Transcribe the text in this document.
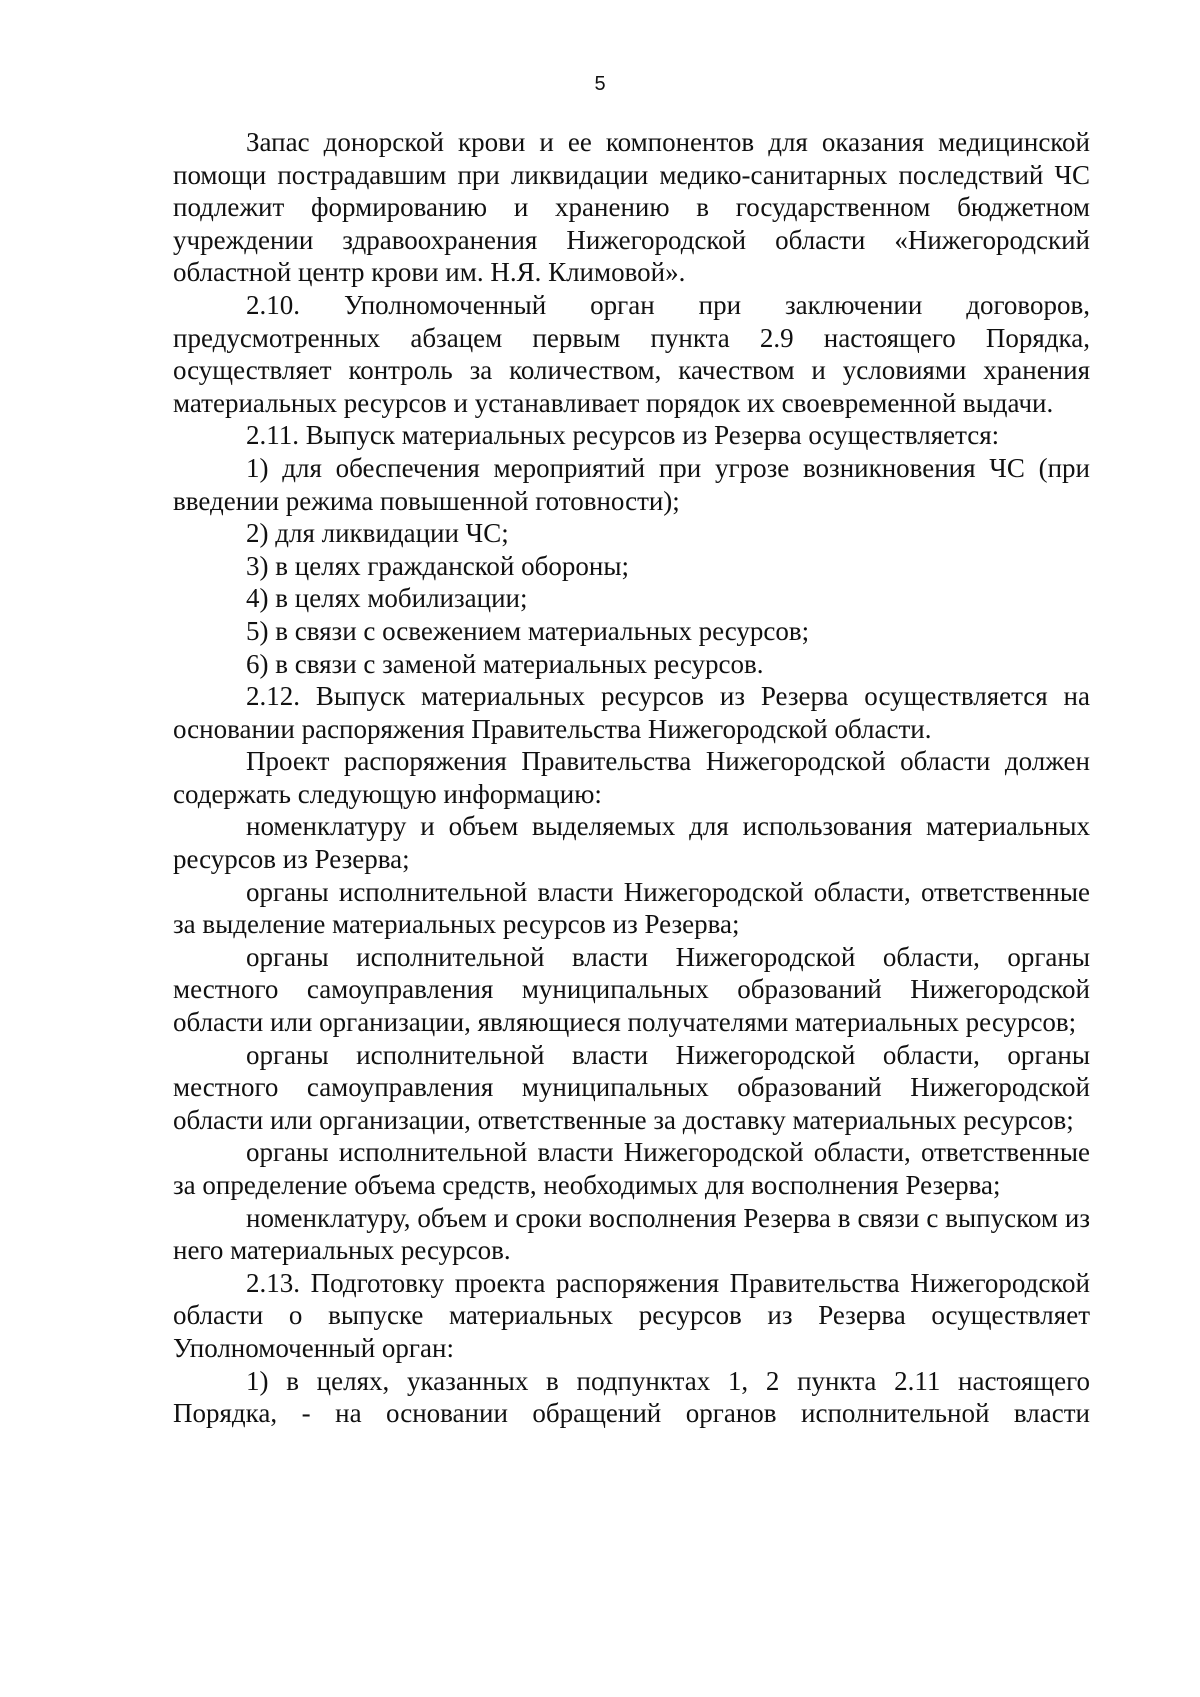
5

Запас донорской крови и ее компонентов для оказания медицинской помощи пострадавшим при ликвидации медико-санитарных последствий ЧС подлежит формированию и хранению в государственном бюджетном учреждении здравоохранения Нижегородской области «Нижегородский областной центр крови им. Н.Я. Климовой».

2.10. Уполномоченный орган при заключении договоров, предусмотренных абзацем первым пункта 2.9 настоящего Порядка, осуществляет контроль за количеством, качеством и условиями хранения материальных ресурсов и устанавливает порядок их своевременной выдачи.

2.11. Выпуск материальных ресурсов из Резерва осуществляется:

1) для обеспечения мероприятий при угрозе возникновения ЧС (при введении режима повышенной готовности);

2) для ликвидации ЧС;

3) в целях гражданской обороны;

4) в целях мобилизации;

5) в связи с освежением материальных ресурсов;

6) в связи с заменой материальных ресурсов.

2.12. Выпуск материальных ресурсов из Резерва осуществляется на основании распоряжения Правительства Нижегородской области.

Проект распоряжения Правительства Нижегородской области должен содержать следующую информацию:

номенклатуру и объем выделяемых для использования материальных ресурсов из Резерва;

органы исполнительной власти Нижегородской области, ответственные за выделение материальных ресурсов из Резерва;

органы исполнительной власти Нижегородской области, органы местного самоуправления муниципальных образований Нижегородской области или организации, являющиеся получателями материальных ресурсов;

органы исполнительной власти Нижегородской области, органы местного самоуправления муниципальных образований Нижегородской области или организации, ответственные за доставку материальных ресурсов;

органы исполнительной власти Нижегородской области, ответственные за определение объема средств, необходимых для восполнения Резерва;

номенклатуру, объем и сроки восполнения Резерва в связи с выпуском из него материальных ресурсов.

2.13. Подготовку проекта распоряжения Правительства Нижегородской области о выпуске материальных ресурсов из Резерва осуществляет Уполномоченный орган:

1) в целях, указанных в подпунктах 1, 2 пункта 2.11 настоящего Порядка, - на основании обращений органов исполнительной власти
